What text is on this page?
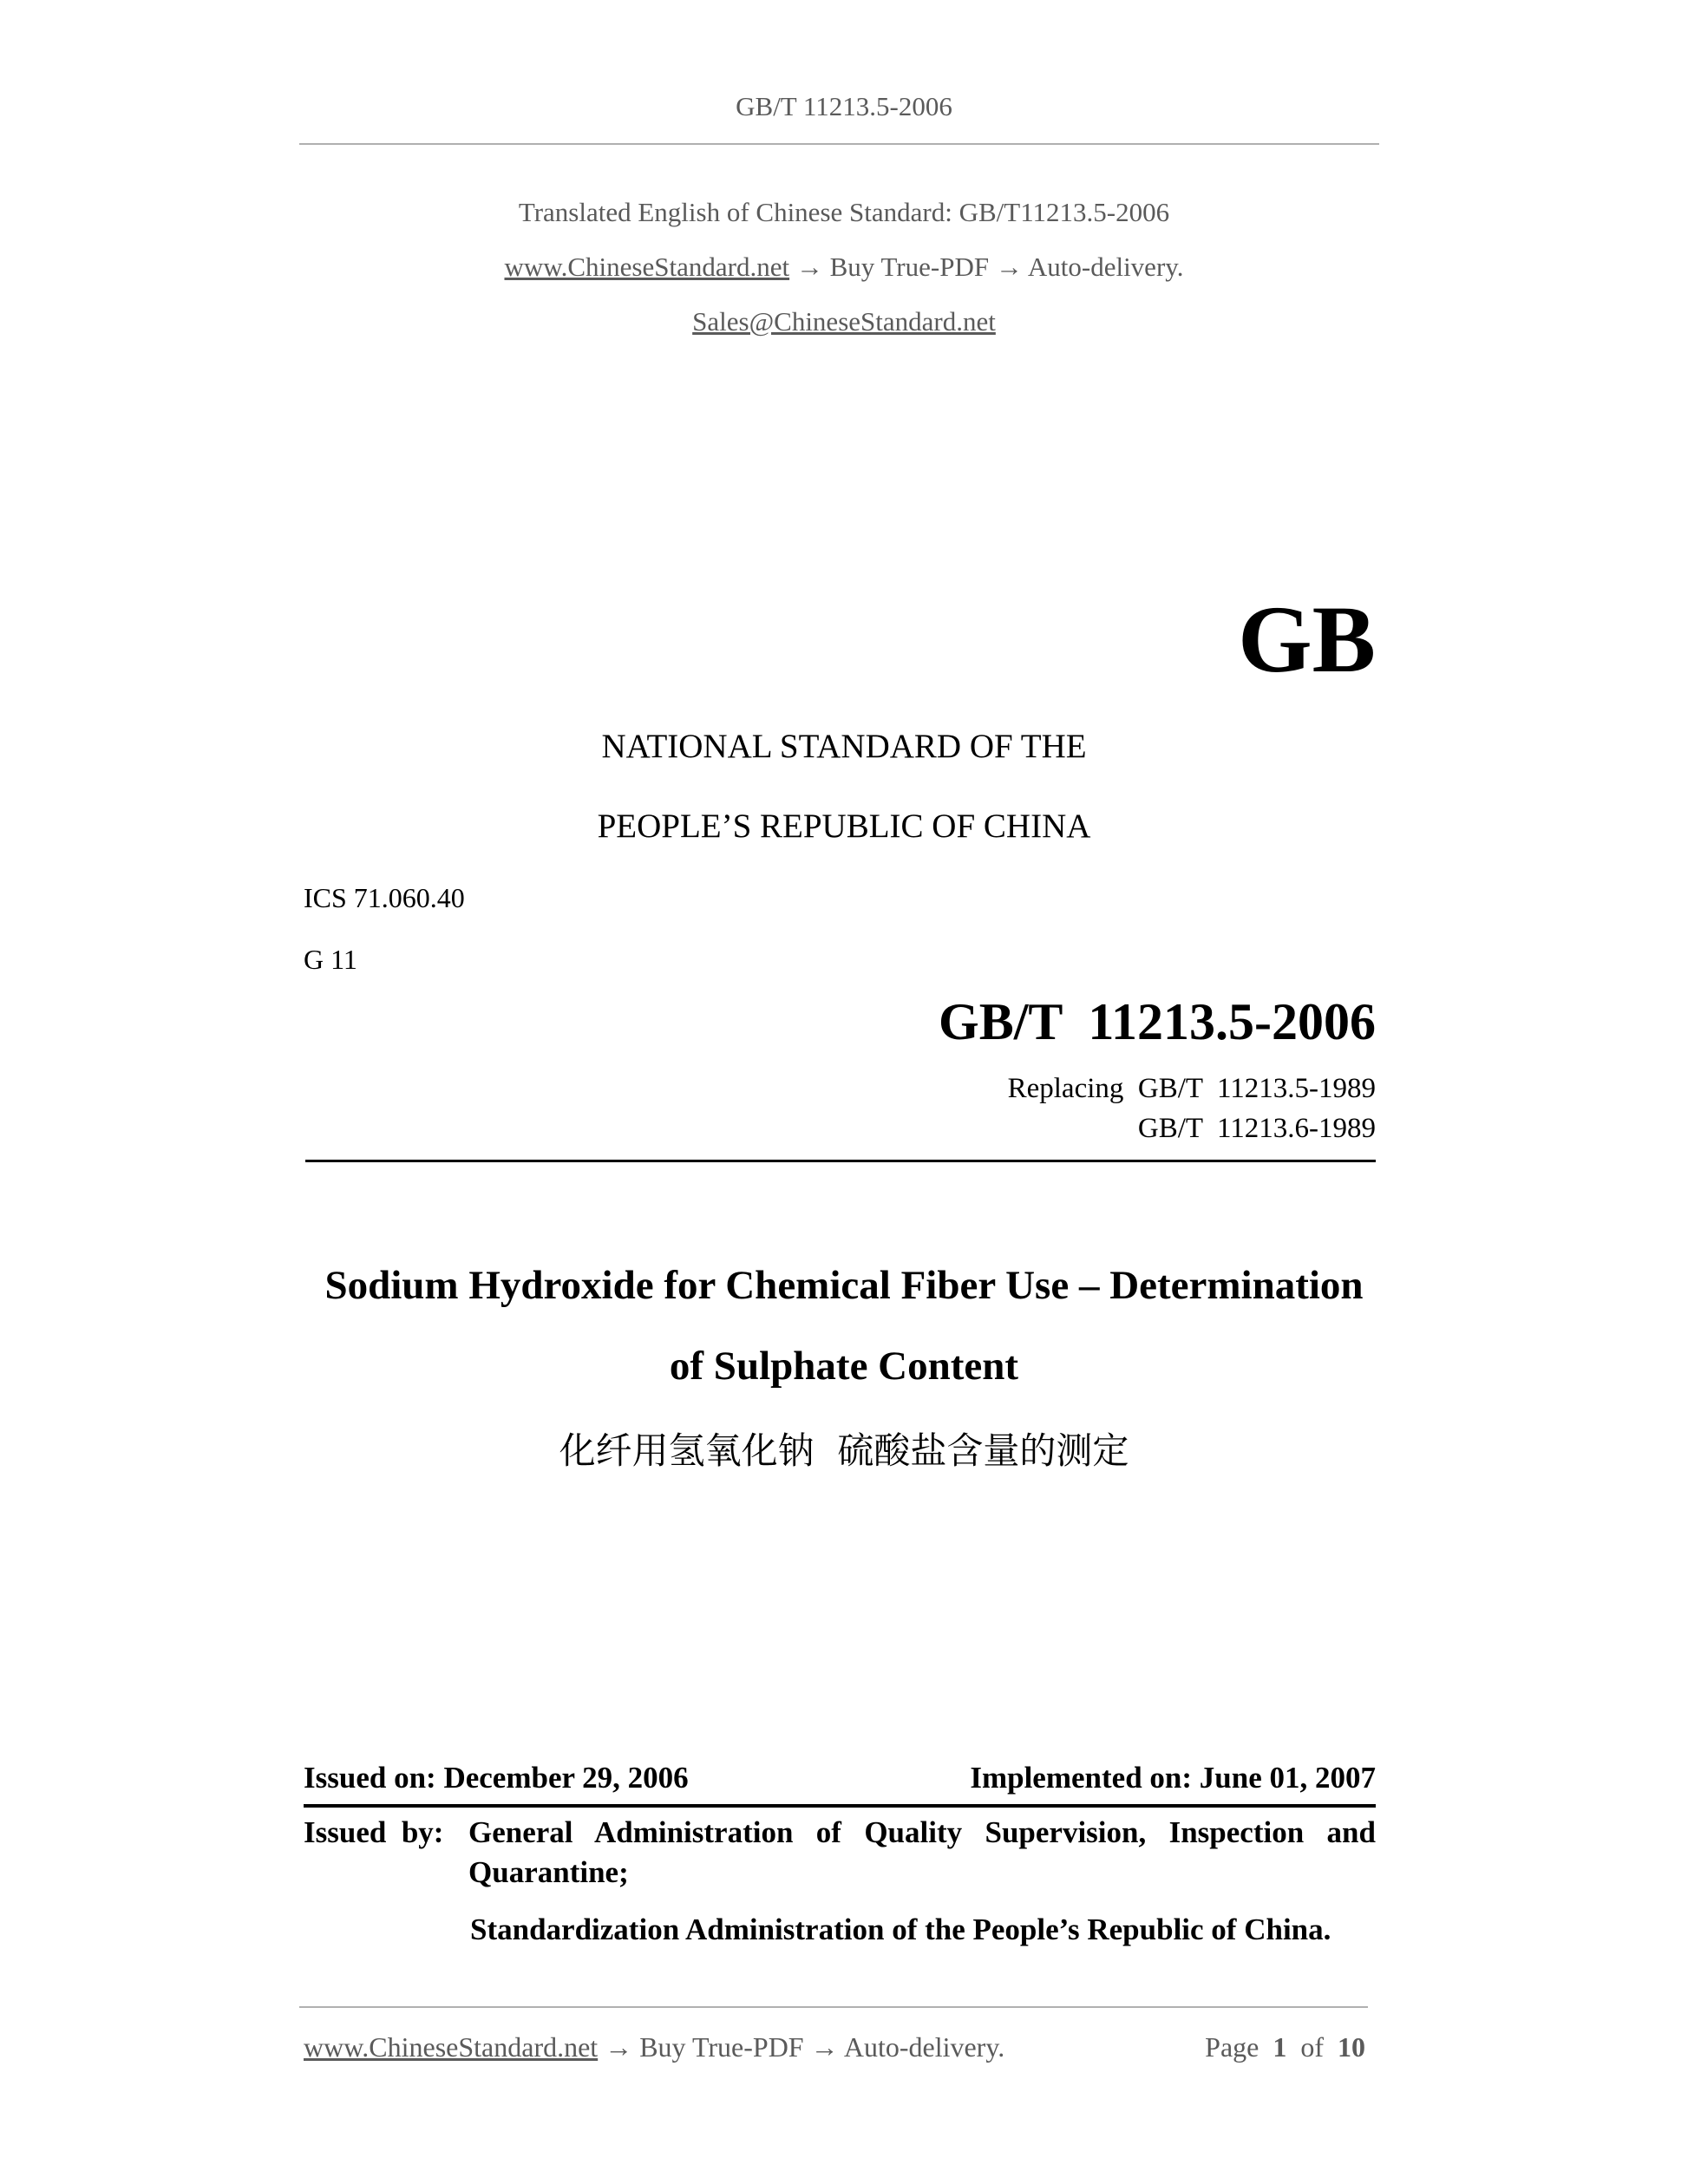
GB/T 11213.5-2006
Translated English of Chinese Standard: GB/T11213.5-2006
www.ChineseStandard.net → Buy True-PDF → Auto-delivery.
Sales@ChineseStandard.net
GB
NATIONAL STANDARD OF THE
PEOPLE’S REPUBLIC OF CHINA
ICS 71.060.40
G 11
GB/T  11213.5-2006
Replacing  GB/T  11213.5-1989
GB/T  11213.6-1989
Sodium Hydroxide for Chemical Fiber Use – Determination
of Sulphate Content
化纤用氢氧化钠  硫酸盐含量的测定
Issued on: December 29, 2006	Implemented on: June 01, 2007
Issued  by: General Administration of Quality Supervision, Inspection and Quarantine;
Standardization Administration of the People’s Republic of China.
www.ChineseStandard.net → Buy True-PDF → Auto-delivery.	Page 1 of 10
